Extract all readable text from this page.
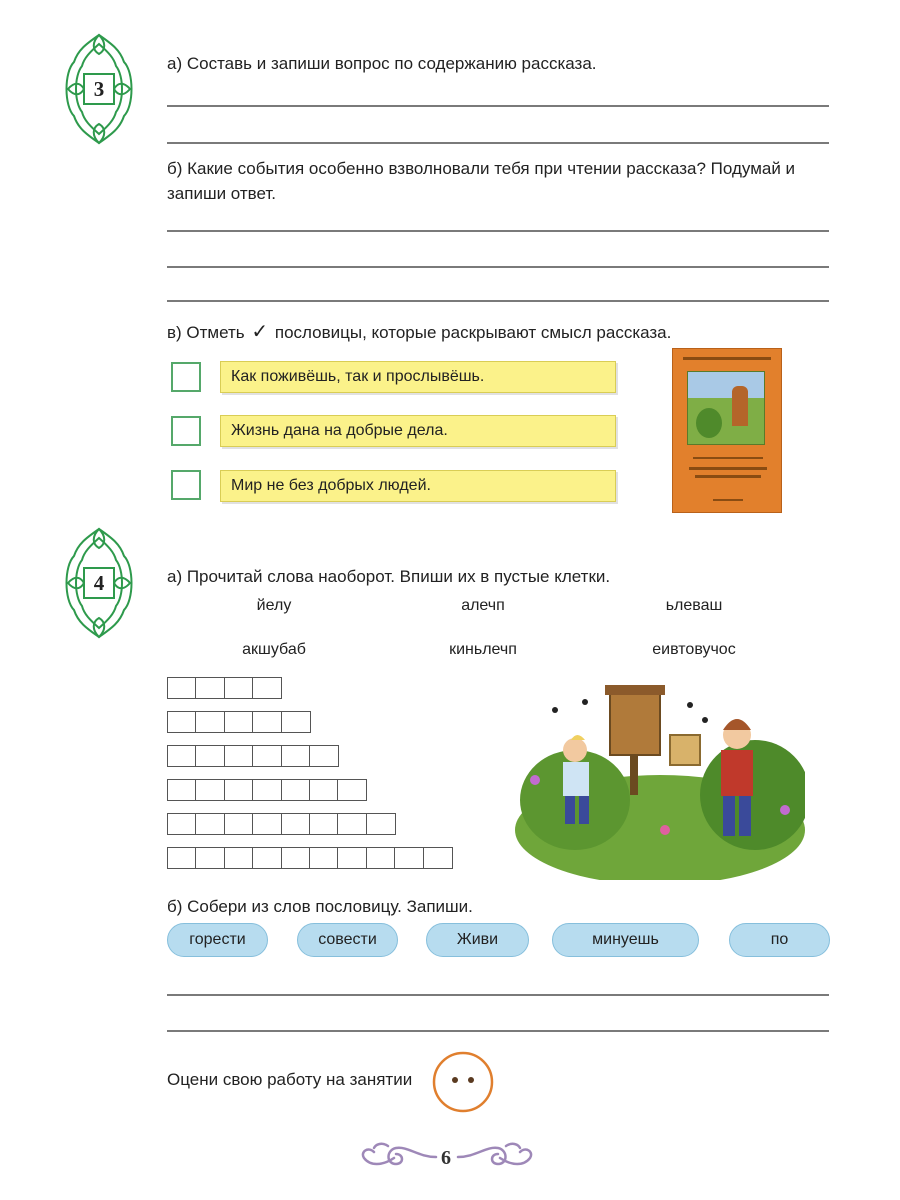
3
а) Составь и запиши вопрос по содержанию рассказа.
б) Какие события особенно взволновали тебя при чтении рассказа? Подумай и
запиши ответ.
в) Отметь ✓ пословицы, которые раскрывают смысл рассказа.
Как поживёшь, так и прослывёшь.
Жизнь дана на добрые дела.
Мир не без добрых людей.
4	а) Прочитай слова наоборот. Впиши их в пустые клетки.
йелу	алечп	ьлеваш
акшубаб	киньлечп	еивтовучос
б) Собери из слов пословицу. Запиши.
горести	совести	Живи	минуешь	по
Оцени свою работу на занятии
6
